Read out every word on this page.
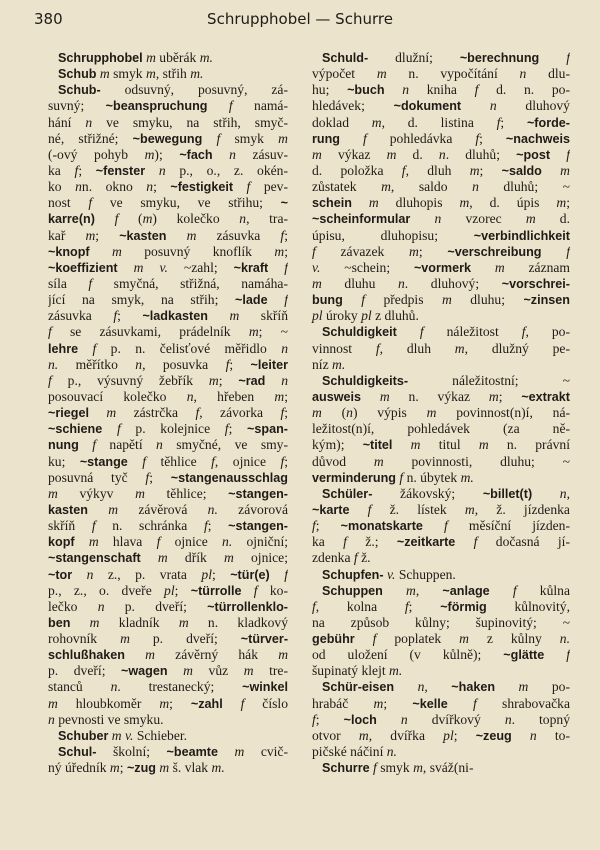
380	Schrupphobel — Schurre
Schrupphobel m uběrák m.
Schub m smyk m, střih m.
Schub- odsuvný, posuvný, zá-
suvný; ~beanspruchung f namá-
hání n ve smyku, na střih, smyč-
né, střižné; ~bewegung f smyk m
(-ový pohyb m); ~fach n zásuv-
ka f; ~fenster n p., o., z. okén-
ko nn. okno n; ~festigkeit f pev-
nost f ve smyku, ve střihu; ~
karre(n) f (m) kolečko n, tra-
kař m; ~kasten m zásuvka f;
~knopf m posuvný knoflík m;
~koeffizient m v. ~zahl; ~kraft f
síla f smyčná, střižná, namáha-
jící na smyk, na střih; ~lade f
zásuvka f; ~ladkasten m skříň
f se zásuvkami, prádelník m; ~
lehre f p. n. čelisťové měřidlo n
n. měřítko n, posuvka f; ~leiter
f p., výsuvný žebřík m; ~rad n
posouvací kolečko n, hřeben m;
~riegel m zástrčka f, závorka f;
~schiene f p. kolejnice f; ~span-
nung f napětí n smyčné, ve smy-
ku; ~stange f těhlice f, ojnice f;
posuvná tyč f; ~stangenausschlag
m výkyv m těhlice; ~stangen-
kasten m závěrová n. závorová
skříň f n. schránka f; ~stangen-
kopf m hlava f ojnice n. ojniční;
~stangenschaft m dřík m ojnice;
~tor n z., p. vrata pl; ~tür(e) f
p., z., o. dveře pl; ~türrolle f ko-
lečko n p. dveří; ~türrollenklo-
ben m kladník m n. kladkový
rohovník m p. dveří; ~türver-
schlußhaken m závěrný hák m
p. dveří; ~wagen m vůz m tre-
stanců n. trestanecký; ~winkel
m hloubkoměr m; ~zahl f číslo
n pevnosti ve smyku.
Schuber m v. Schieber.
Schul- školní; ~beamte m cvič-
ný úředník m; ~zug m š. vlak m.
Schuld- dlužní; ~berechnung f
výpočet m n. vypočítání n dlu-
hu; ~buch n kniha f d. n. po-
hledávek; ~dokument n dluhový
doklad m, d. listina f; ~forde-
rung f pohledávka f; ~nachweis
m výkaz m d. n. dluhů; ~post f
d. položka f, dluh m; ~saldo m
zůstatek m, saldo n dluhů; ~
schein m dluhopis m, d. úpis m;
~scheinformular n vzorec m d.
úpisu, dluhopisu; ~verbindlichkeit
f závazek m; ~verschreibung f
v. ~schein; ~vormerk m záznam
m dluhu n. dluhový; ~vorschrei-
bung f předpis m dluhu; ~zinsen
pl úroky pl z dluhů.
Schuldigkeit f náležitost f, po-
vinnost f, dluh m, dlužný pe-
níz m.
Schuldigkeits- náležitostní; ~
ausweis m n. výkaz m; ~extrakt
m (n) výpis m povinnost(n)í, ná-
ležitost(n)í, pohledávek (za ně-
kým); ~titel m titul m n. právní
důvod m povinnosti, dluhu; ~
verminderung f n. úbytek m.
Schüler- žákovský; ~billet(t) n,
~karte f ž. lístek m, ž. jízdenka
f; ~monatskarte f měsíční jízden-
ka f ž.; ~zeitkarte f dočasná jí-
zdenka f ž.
Schupfen- v. Schuppen.
Schuppen m, ~anlage f kůlna
f, kolna f; ~förmig kůlnovitý,
na způsob kůlny; šupinovitý; ~
gebühr f poplatek m z kůlny n.
od uložení (v kůlně); ~glätte f
šupinatý klejt m.
Schür-eisen n, ~haken m po-
hrabáč m; ~kelle f shrabovačka
f; ~loch n dvířkový n. topný
otvor m, dvířka pl; ~zeug n to-
pičské náčiní n.
Schurre f smyk m, sváž(ni-
